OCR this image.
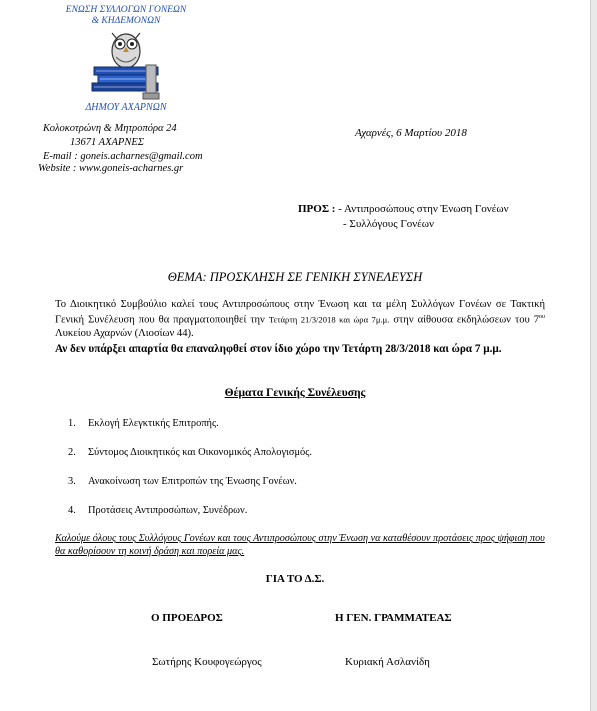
ΕΝΩΣΗ ΣΥΛΛΟΓΩΝ ΓΟΝΕΩΝ & ΚΗΔΕΜΟΝΩΝ
ΔΗΜΟΥ ΑΧΑΡΝΩΝ
Κολοκοτρώνη & Μητροπόρα 24
13671 ΑΧΑΡΝΕΣ
E-mail : goneis.acharnes@gmail.com
Website : www.goneis-acharnes.gr
Αχαρνές, 6 Μαρτίου 2018
ΠΡΟΣ : - Αντιπροσώπους στην Ένωση Γονέων
- Συλλόγους Γονέων
ΘΕΜΑ: ΠΡΟΣΚΛΗΣΗ ΣΕ ΓΕΝΙΚΗ ΣΥΝΕΛΕΥΣΗ
Το Διοικητικό Συμβούλιο καλεί τους Αντιπροσώπους στην Ένωση και τα μέλη Συλλόγων Γονέων σε Τακτική Γενική Συνέλευση που θα πραγματοποιηθεί την Τετάρτη 21/3/2018 και ώρα 7μ.μ. στην αίθουσα εκδηλώσεων του $7^{o\upsilon}$ Λυκείου Αχαρνών (Λιοσίων 44).
Αν δεν υπάρξει απαρτία θα επαναληφθεί στον ίδιο χώρο την Τετάρτη 28/3/2018 και ώρα 7 μ.μ.
Θέματα Γενικής Συνέλευσης
1. Εκλογή Ελεγκτικής Επιτροπής.
2. Σύντομος Διοικητικός και Οικονομικός Απολογισμός.
3. Ανακοίνωση των Επιτροπών της Ένωσης Γονέων.
4. Προτάσεις Αντιπροσώπων, Συνέδρων.
Καλούμε όλους τους Συλλόγους Γονέων και τους Αντιπροσώπους στην Ένωση να καταθέσουν προτάσεις προς ψήφιση που θα καθορίσουν τη κοινή δράση και πορεία μας.
ΓΙΑ ΤΟ Δ.Σ.
Ο ΠΡΟΕΔΡΟΣ	Η ΓΕΝ. ΓΡΑΜΜΑΤΕΑΣ
Σωτήρης Κουφογεώργος	Κυριακή Ασλανίδη
